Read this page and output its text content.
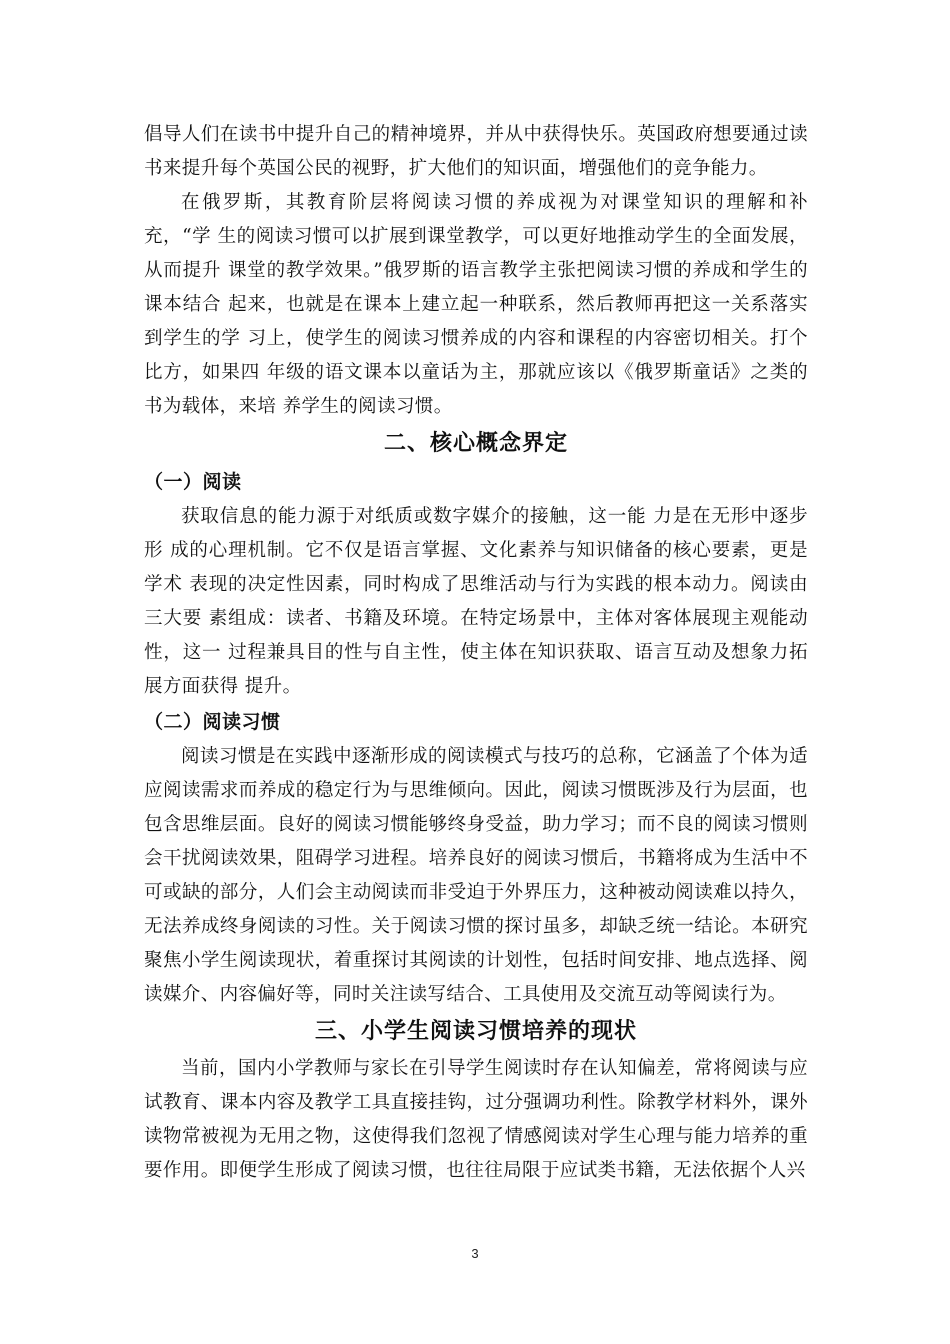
倡导人们在读书中提升自己的精神境界，并从中获得快乐。英国政府想要通过读 书来提升每个英国公民的视野，扩大他们的知识面，增强他们的竞争能力。

在俄罗斯，其教育阶层将阅读习惯的养成视为对课堂知识的理解和补充，“学 生的阅读习惯可以扩展到课堂教学，可以更好地推动学生的全面发展，从而提升 课堂的教学效果。”俄罗斯的语言教学主张把阅读习惯的养成和学生的课本结合 起来，也就是在课本上建立起一种联系，然后教师再把这一关系落实到学生的学 习上，使学生的阅读习惯养成的内容和课程的内容密切相关。打个比方，如果四 年级的语文课本以童话为主，那就应该以《俄罗斯童话》之类的书为载体，来培 养学生的阅读习惯。

二、核心概念界定
（一）阅读

获取信息的能力源于对纸质或数字媒介的接触，这一能 力是在无形中逐步形 成的心理机制。它不仅是语言掌握、文化素养与知识储备的核心要素，更是学术 表现的决定性因素，同时构成了思维活动与行为实践的根本动力。阅读由三大要 素组成：读者、书籍及环境。在特定场景中，主体对客体展现主观能动性，这一 过程兼具目的性与自主性，使主体在知识获取、语言互动及想象力拓展方面获得 提升。

（二）阅读习惯

阅读习惯是在实践中逐渐形成的阅读模式与技巧的总称，它涵盖了个体为适应阅读需求而养成的稳定行为与思维倾向。因此，阅读习惯既涉及行为层面，也包含思维层面。良好的阅读习惯能够终身受益，助力学习；而不良的阅读习惯则会干扰阅读效果，阻碍学习进程。培养良好的阅读习惯后，书籍将成为生活中不可或缺的部分，人们会主动阅读而非受迫于外界压力，这种被动阅读难以持久，无法养成终身阅读的习性。关于阅读习惯的探讨虽多，却缺乏统一结论。本研究聚焦小学生阅读现状，着重探讨其阅读的计划性，包括时间安排、地点选择、阅读媒介、内容偏好等，同时关注读写结合、工具使用及交流互动等阅读行为。

三、小学生阅读习惯培养的现状

当前，国内小学教师与家长在引导学生阅读时存在认知偏差，常将阅读与应试教育、课本内容及教学工具直接挂钩，过分强调功利性。除教学材料外，课外读物常被视为无用之物，这使得我们忽视了情感阅读对学生心理与能力培养的重要作用。即便学生形成了阅读习惯，也往往局限于应试类书籍，无法依据个人兴

3
